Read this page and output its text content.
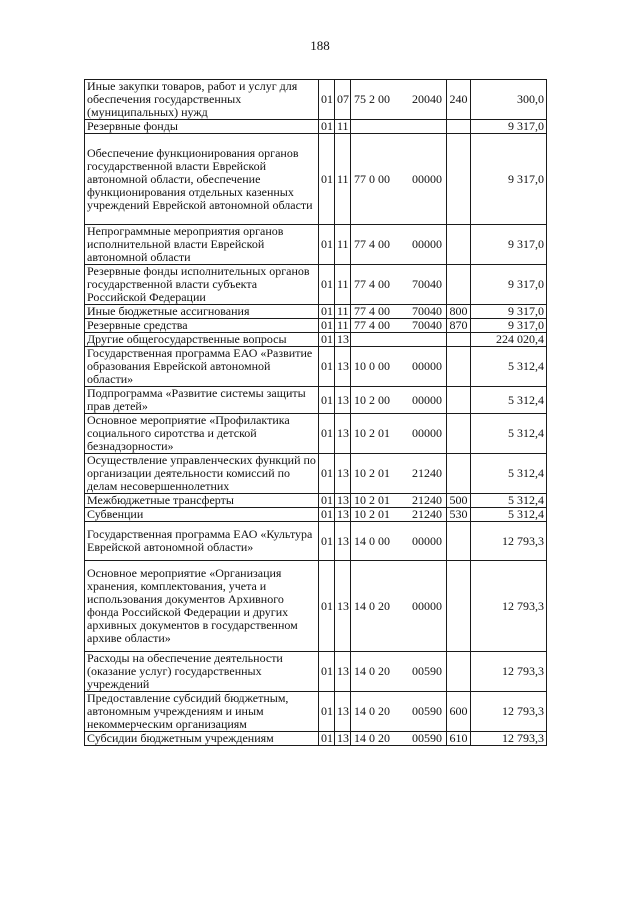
188
Иные закупки товаров, работ и услуг для обеспечения государственных (муниципальных) нужд	01	07	75 2 00 20040	240	300,0
Резервные фонды	01	11			9 317,0
Обеспечение функционирования органов государственной власти Еврейской автономной области, обеспечение функционирования отдельных казенных учреждений Еврейской автономной области	01	11	77 0 00 00000		9 317,0
Непрограммные мероприятия органов исполнительной власти Еврейской автономной области	01	11	77 4 00 00000		9 317,0
Резервные фонды исполнительных органов государственной власти субъекта Российской Федерации	01	11	77 4 00 70040		9 317,0
Иные бюджетные ассигнования	01	11	77 4 00 70040	800	9 317,0
Резервные средства	01	11	77 4 00 70040	870	9 317,0
Другие общегосударственные вопросы	01	13			224 020,4
Государственная программа ЕАО «Развитие образования Еврейской автономной области»	01	13	10 0 00 00000		5 312,4
Подпрограмма «Развитие системы защиты прав детей»	01	13	10 2 00 00000		5 312,4
Основное мероприятие «Профилактика социального сиротства и детской безнадзорности»	01	13	10 2 01 00000		5 312,4
Осуществление управленческих функций по организации деятельности комиссий по делам несовершеннолетних	01	13	10 2 01 21240		5 312,4
Межбюджетные трансферты	01	13	10 2 01 21240	500	5 312,4
Субвенции	01	13	10 2 01 21240	530	5 312,4
Государственная программа ЕАО «Культура Еврейской автономной области»	01	13	14 0 00 00000		12 793,3
Основное мероприятие «Организация хранения, комплектования, учета и использования документов Архивного фонда Российской Федерации и других архивных документов в государственном архиве области»	01	13	14 0 20 00000		12 793,3
Расходы на обеспечение деятельности (оказание услуг) государственных учреждений	01	13	14 0 20 00590		12 793,3
Предоставление субсидий бюджетным, автономным учреждениям и иным некоммерческим организациям	01	13	14 0 20 00590	600	12 793,3
Субсидии бюджетным учреждениям	01	13	14 0 20 00590	610	12 793,3
